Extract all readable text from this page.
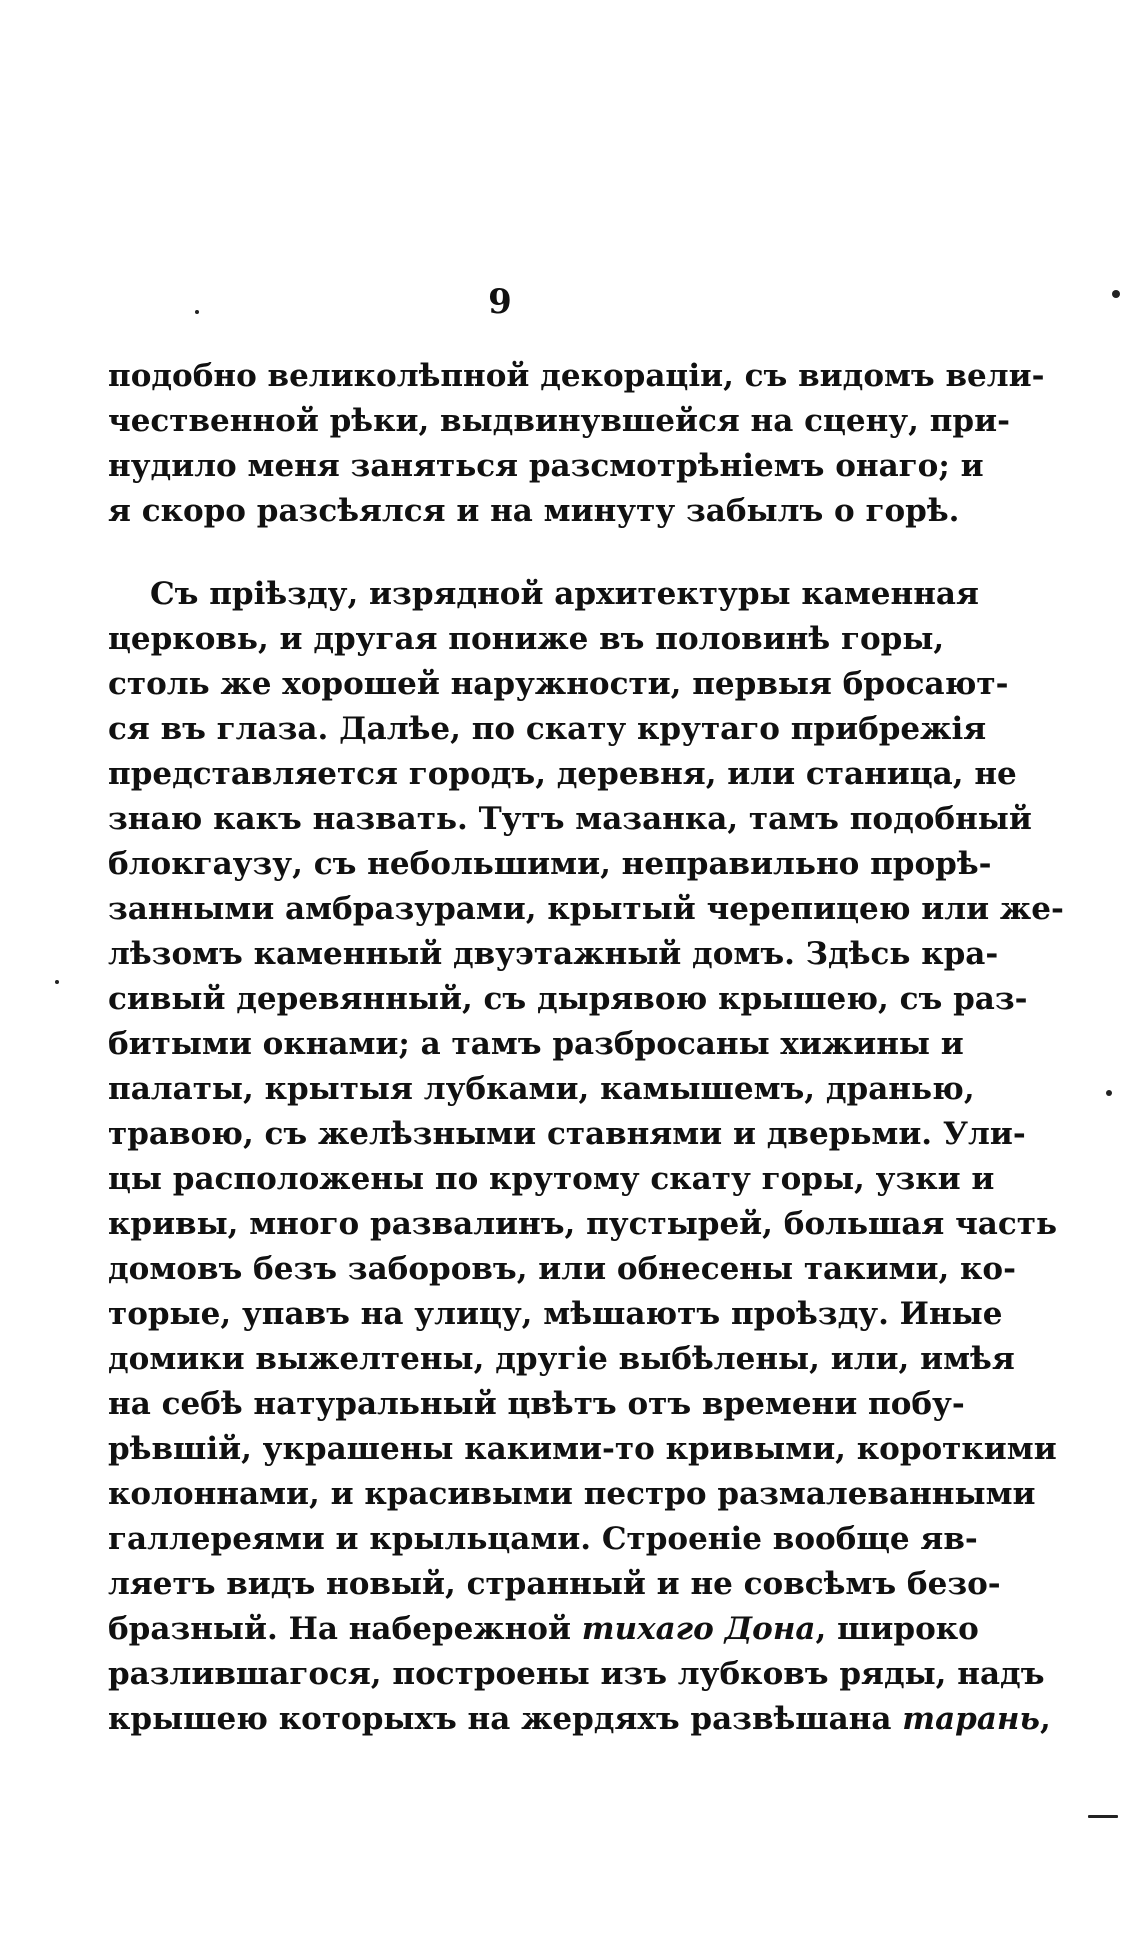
9
подобно великолѣпной декораціи, съ видомъ вели-
чественной рѣки, выдвинувшейся на сцену, при-
нудило меня заняться разсмотрѣніемъ онаго; и
я скоро разсѣялся и на минуту забылъ о горѣ.
Съ пріѣзду, изрядной архитектуры каменная
церковь, и другая пониже въ половинѣ горы,
столь же хорошей наружности, первыя бросают-
ся въ глаза. Далѣе, по скату крутаго прибрежія
представляется городъ, деревня, или станица, не
знаю какъ назвать. Тутъ мазанка, тамъ подобный
блокгаузу, съ небольшими, неправильно прорѣ-
занными амбразурами, крытый черепицею или же-
лѣзомъ каменный двуэтажный домъ. Здѣсь кра-
сивый деревянный, съ дырявою крышею, съ раз-
битыми окнами; а тамъ разбросаны хижины и
палаты, крытыя лубками, камышемъ, дранью,
травою, съ желѣзными ставнями и дверьми. Ули-
цы расположены по крутому скату горы, узки и
кривы, много развалинъ, пустырей, большая часть
домовъ безъ заборовъ, или обнесены такими, ко-
торые, упавъ на улицу, мѣшаютъ проѣзду. Иные
домики выжелтены, другіе выбѣлены, или, имѣя
на себѣ натуральный цвѣтъ отъ времени побу-
рѣвшій, украшены какими-то кривыми, короткими
колоннами, и красивыми пестро размалеванными
галлереями и крыльцами. Строеніе вообще яв-
ляетъ видъ новый, странный и не совсѣмъ безо-
бразный. На набережной тихаго Дона, широко
разлившагося, построены изъ лубковъ ряды, надъ
крышею которыхъ на жердяхъ развѣшана тарань,
